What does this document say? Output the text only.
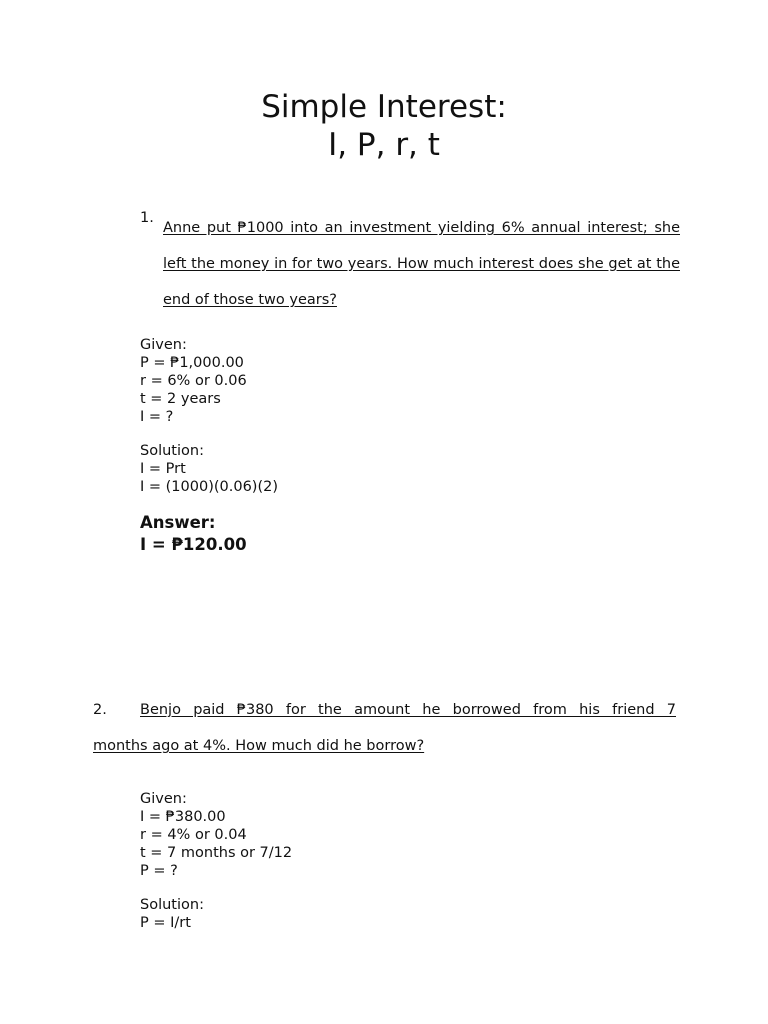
Simple Interest:
I, P, r, t
1.
Anne put ₱1000 into an investment yielding 6% annual interest; she left the money in for two years. How much interest does she get at the end of those two years?
Given:
P = ₱1,000.00
r = 6% or 0.06
t = 2 years
I = ?
Solution:
I = Prt
I = (1000)(0.06)(2)
Answer:
I = ₱120.00
2.	Benjo paid ₱380 for the amount he borrowed from his friend 7
months ago at 4%. How much did he borrow?
Given:
I = ₱380.00
r = 4% or 0.04
t = 7 months or 7/12
P = ?
Solution:
P = I/rt
